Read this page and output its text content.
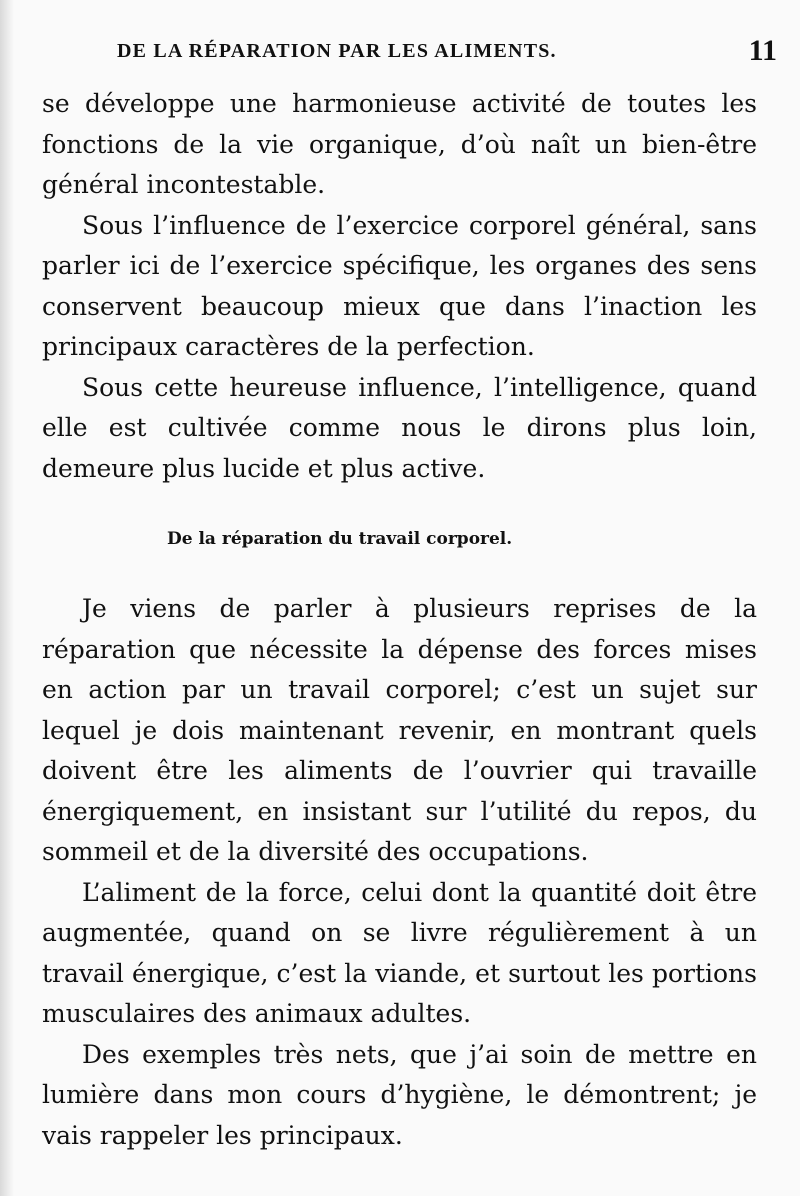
DE LA RÉPARATION PAR LES ALIMENTS.	11

se développe une harmonieuse activité de toutes les fonctions de la vie organique, d’où naît un bien-être général incontestable.

Sous l’influence de l’exercice corporel général, sans parler ici de l’exercice spécifique, les organes des sens conservent beaucoup mieux que dans l’inaction les principaux caractères de la perfection.

Sous cette heureuse influence, l’intelligence, quand elle est cultivée comme nous le dirons plus loin, demeure plus lucide et plus active.

De la réparation du travail corporel.

Je viens de parler à plusieurs reprises de la réparation que nécessite la dépense des forces mises en action par un travail corporel; c’est un sujet sur lequel je dois maintenant revenir, en montrant quels doivent être les aliments de l’ouvrier qui travaille énergiquement, en insistant sur l’utilité du repos, du sommeil et de la diversité des occupations.

L’aliment de la force, celui dont la quantité doit être augmentée, quand on se livre régulièrement à un travail énergique, c’est la viande, et surtout les portions musculaires des animaux adultes.

Des exemples très nets, que j’ai soin de mettre en lumière dans mon cours d’hygiène, le démontrent; je vais rappeler les principaux.
